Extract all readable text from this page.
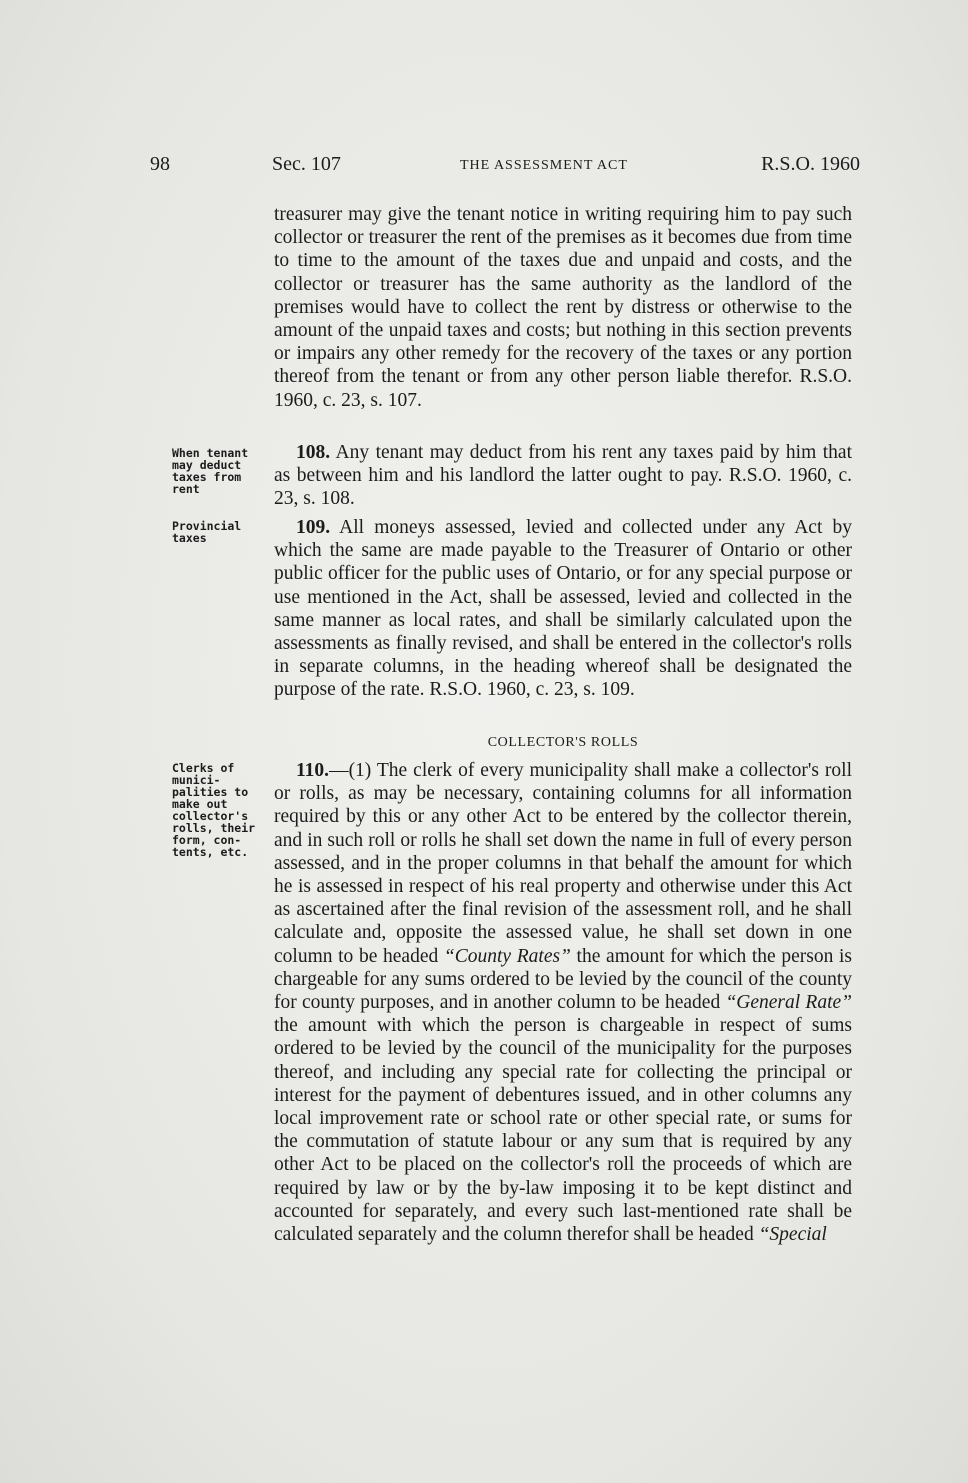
98	Sec. 107	THE ASSESSMENT ACT	R.S.O. 1960
treasurer may give the tenant notice in writing requiring him to pay such collector or treasurer the rent of the premises as it becomes due from time to time to the amount of the taxes due and unpaid and costs, and the collector or treasurer has the same authority as the landlord of the premises would have to collect the rent by distress or otherwise to the amount of the unpaid taxes and costs; but nothing in this section prevents or impairs any other remedy for the recovery of the taxes or any portion thereof from the tenant or from any other person liable therefor. R.S.O. 1960, c. 23, s. 107.
When tenant
may deduct
taxes from
rent
108. Any tenant may deduct from his rent any taxes paid by him that as between him and his landlord the latter ought to pay. R.S.O. 1960, c. 23, s. 108.
Provincial
taxes	109. All moneys assessed, levied and collected under any Act by which the same are made payable to the Treasurer of Ontario or other public officer for the public uses of Ontario, or for any special purpose or use mentioned in the Act, shall be assessed, levied and collected in the same manner as local rates, and shall be similarly calculated upon the assessments as finally revised, and shall be entered in the collector's rolls in separate columns, in the heading whereof shall be designated the purpose of the rate. R.S.O. 1960, c. 23, s. 109.
COLLECTOR'S ROLLS
Clerks of
munici-
palities to
make out
collector's
rolls, their
form, con-
tents, etc.
110.—(1) The clerk of every municipality shall make a collector's roll or rolls, as may be necessary, containing columns for all information required by this or any other Act to be entered by the collector therein, and in such roll or rolls he shall set down the name in full of every person assessed, and in the proper columns in that behalf the amount for which he is assessed in respect of his real property and otherwise under this Act as ascertained after the final revision of the assessment roll, and he shall calculate and, opposite the assessed value, he shall set down in one column to be headed “County Rates” the amount for which the person is chargeable for any sums ordered to be levied by the council of the county for county purposes, and in another column to be headed “General Rate” the amount with which the person is chargeable in respect of sums ordered to be levied by the council of the municipality for the purposes thereof, and including any special rate for collecting the principal or interest for the payment of debentures issued, and in other columns any local improvement rate or school rate or other special rate, or sums for the commutation of statute labour or any sum that is required by any other Act to be placed on the collector's roll the proceeds of which are required by law or by the by-law imposing it to be kept distinct and accounted for separately, and every such last-mentioned rate shall be calculated separately and the column therefor shall be headed “Special
